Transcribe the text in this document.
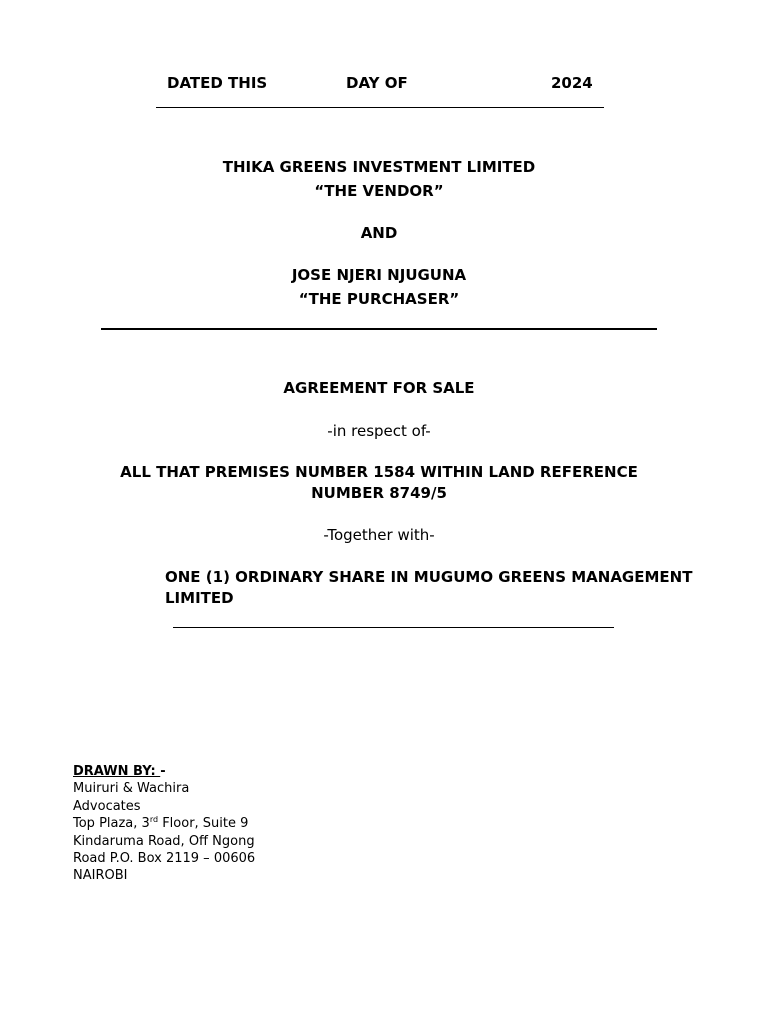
DATED THIS	DAY OF	2024
THIKA GREENS INVESTMENT LIMITED
“THE VENDOR”
AND
JOSE NJERI NJUGUNA
“THE PURCHASER”
AGREEMENT FOR SALE
-in respect of-
ALL THAT PREMISES NUMBER 1584 WITHIN LAND REFERENCE
NUMBER 8749/5
-Together with-
ONE (1) ORDINARY SHARE IN MUGUMO GREENS MANAGEMENT
LIMITED
DRAWN BY: -
Muiruri & Wachira
Advocates
Top Plaza, 3rd Floor, Suite 9
Kindaruma Road, Off Ngong
Road P.O. Box 2119 – 00606
NAIROBI
